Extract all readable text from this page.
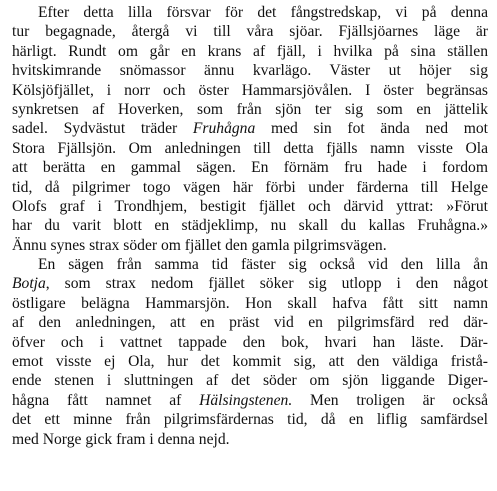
Efter detta lilla försvar för det fångstredskap, vi på denna
tur begagnade, återgå vi till våra sjöar. Fjällsjöarnes läge är
härligt. Rundt om går en krans af fjäll, i hvilka på sina ställen
hvitskimrande snömassor ännu kvarlägo. Väster ut höjer sig
Kölsjöfjället, i norr och öster Hammarsjövålen. I öster begränsas
synkretsen af Hoverken, som från sjön ter sig som en jättelik
sadel. Sydvästut träder Fruhågna med sin fot ända ned mot
Stora Fjällsjön. Om anledningen till detta fjälls namn visste Ola
att berätta en gammal sägen. En förnäm fru hade i fordom
tid, då pilgrimer togo vägen här förbi under färderna till Helge
Olofs graf i Trondhjem, bestigit fjället och därvid yttrat: »Förut
har du varit blott en städjeklimp, nu skall du kallas Fruhågna.»
Ännu synes strax söder om fjället den gamla pilgrimsvägen.
En sägen från samma tid fäster sig också vid den lilla ån
Botja, som strax nedom fjället söker sig utlopp i den något
östligare belägna Hammarsjön. Hon skall hafva fått sitt namn
af den anledningen, att en präst vid en pilgrimsfärd red där-
öfver och i vattnet tappade den bok, hvari han läste. Där-
emot visste ej Ola, hur det kommit sig, att den väldiga fristå-
ende stenen i sluttningen af det söder om sjön liggande Diger-
hågna fått namnet af Hälsingstenen. Men troligen är också
det ett minne från pilgrimsfärdernas tid, då en liflig samfärdsel
med Norge gick fram i denna nejd.
